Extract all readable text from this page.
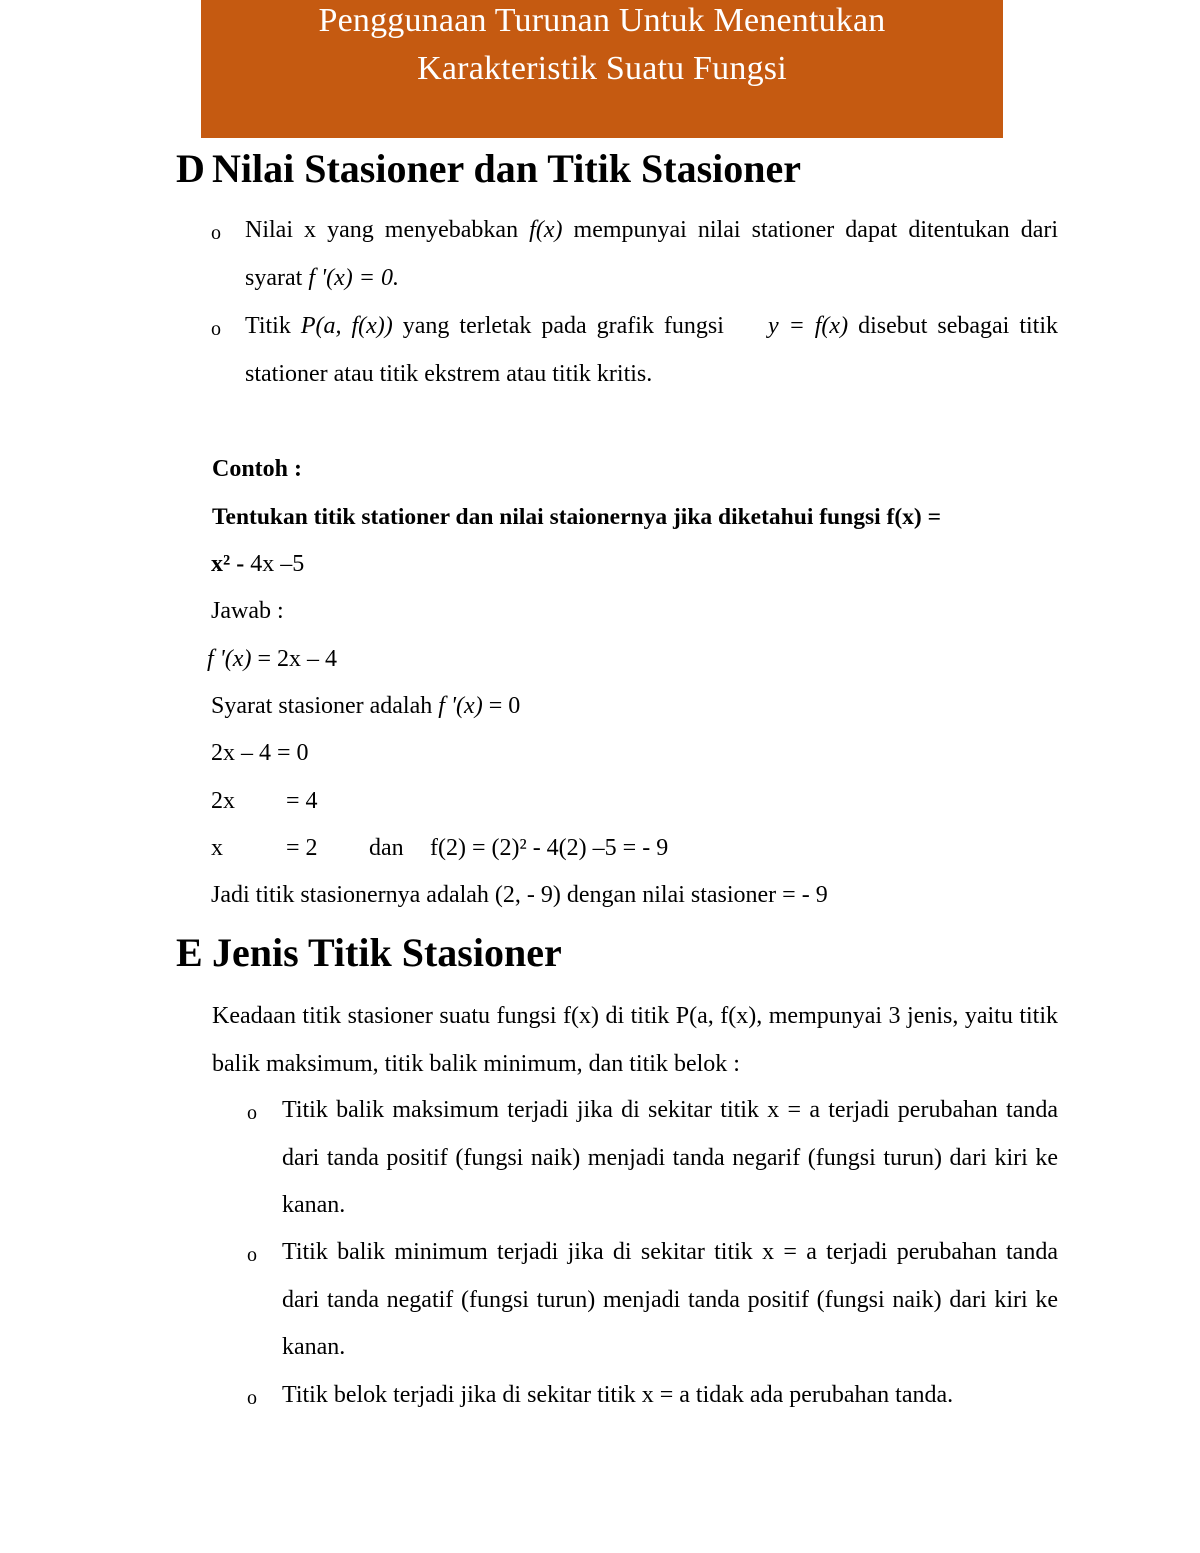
Penggunaan Turunan Untuk Menentukan
Karakteristik Suatu Fungsi
D Nilai Stasioner dan Titik Stasioner
o Nilai x yang menyebabkan f(x) mempunyai nilai stationer dapat ditentukan dari syarat f '(x) = 0.
o Titik P(a, f(x)) yang terletak pada grafik fungsi y = f(x) disebut sebagai titik stationer atau titik ekstrem atau titik kritis.
Contoh :
Tentukan titik stationer dan nilai staionernya jika diketahui fungsi f(x) =
x² - 4x –5
Jawab :
f '(x) = 2x – 4
Syarat stasioner adalah f '(x) = 0
2x – 4 = 0
2x = 4
x	= 2 dan f(2) = (2)² - 4(2) –5 = - 9
Jadi titik stasionernya adalah (2, - 9) dengan nilai stasioner = - 9
E Jenis Titik Stasioner
Keadaan titik stasioner suatu fungsi f(x) di titik P(a, f(x), mempunyai 3 jenis, yaitu titik balik maksimum, titik balik minimum, dan titik belok :
o Titik balik maksimum terjadi jika di sekitar titik x = a terjadi perubahan tanda dari tanda positif (fungsi naik) menjadi tanda negarif (fungsi turun) dari kiri ke kanan.
o Titik balik minimum terjadi jika di sekitar titik x = a terjadi perubahan tanda dari tanda negatif (fungsi turun) menjadi tanda positif (fungsi naik) dari kiri ke kanan.
o Titik belok terjadi jika di sekitar titik x = a tidak ada perubahan tanda.
